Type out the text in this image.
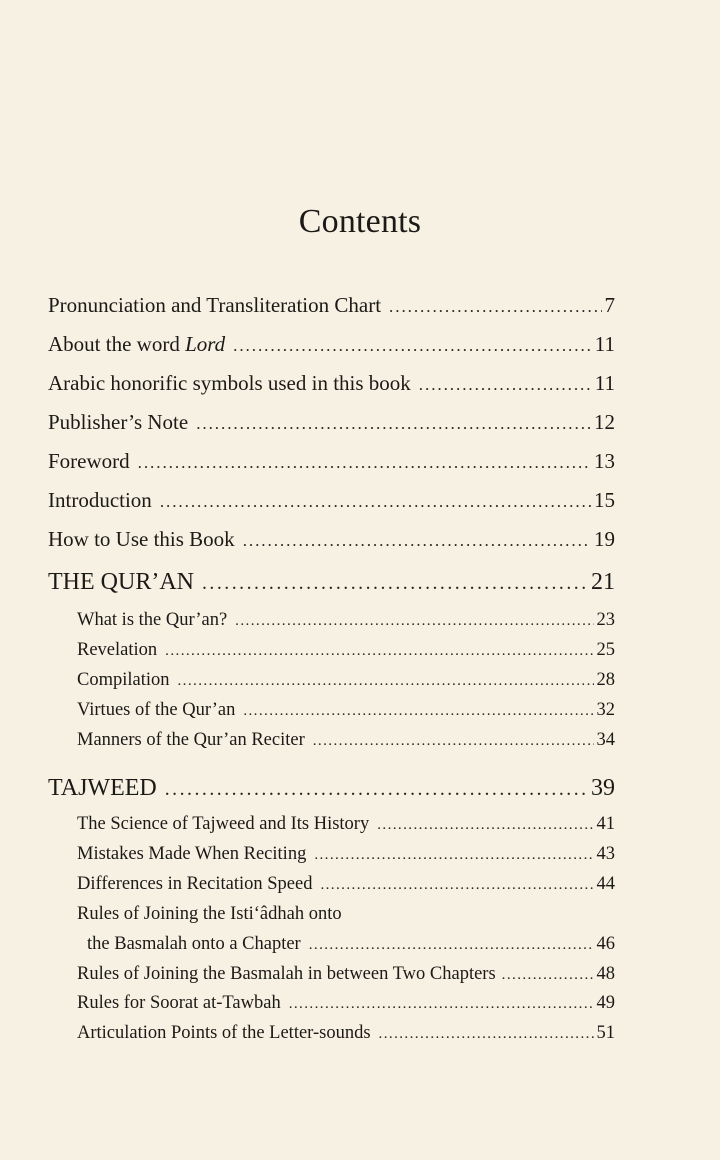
Contents
Pronunciation and Transliteration Chart . . .	7
About the word Lord . . .	11
Arabic honorific symbols used in this book . . .	11
Publisher’s Note . . .	12
Foreword . . .	13
Introduction . . .	15
How to Use this Book . . .	19
THE QUR’AN . . .	21
What is the Qur’an? . . .	23
Revelation . . .	25
Compilation . . .	28
Virtues of the Qur’an . . .	32
Manners of the Qur’an Reciter . . .	34
TAJWEED . . .	39
The Science of Tajweed and Its History . . .	41
Mistakes Made When Reciting . . .	43
Differences in Recitation Speed . . .	44
Rules of Joining the Isti‘âdhah onto
the Basmalah onto a Chapter . . .	46
Rules of Joining the Basmalah in between Two Chapters . . .	48
Rules for Soorat at-Tawbah . . .	49
Articulation Points of the Letter-sounds . . .	51
